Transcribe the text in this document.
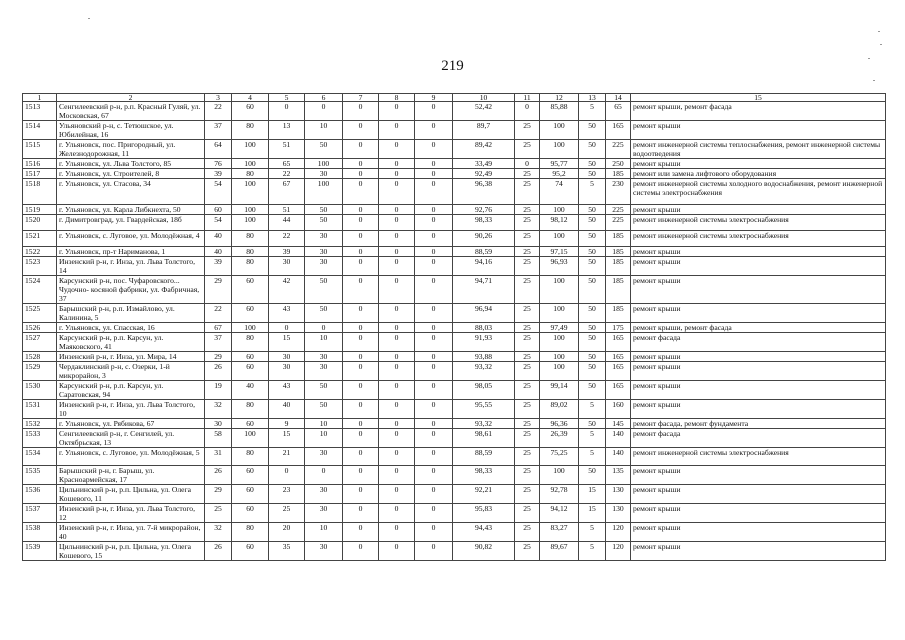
219
1	2	3	4	5	6	7	8	9	10	11	12	13	14	15
1513	Сенгилеевский р-н, р.п. Красный Гуляй, ул. Московская, 67	22	60	0	0	0	0	0	52,42	0	85,88	5	65	ремонт крыши, ремонт фасада
1514	Ульяновский р-н, с. Тетюшское, ул. Юбилейная, 16	37	80	13	10	0	0	0	89,7	25	100	50	165	ремонт крыши
1515	г. Ульяновск, пос. Пригородный, ул. Железнодорожная, 11	64	100	51	50	0	0	0	89,42	25	100	50	225	ремонт инженерной системы теплоснабжения, ремонт инженерной системы водоотведения
1516	г. Ульяновск, ул. Льва Толстого, 85	76	100	65	100	0	0	0	33,49	0	95,77	50	250	ремонт крыши
1517	г. Ульяновск, ул. Строителей, 8	39	80	22	30	0	0	0	92,49	25	95,2	50	185	ремонт или замена лифтового оборудования
1518	г. Ульяновск, ул. Стасова, 34	54	100	67	100	0	0	0	96,38	25	74	5	230	ремонт инженерной системы холодного водоснабжения, ремонт инженерной системы электроснабжения
1519	г. Ульяновск, ул. Карла Либкнехта, 50	60	100	51	50	0	0	0	92,76	25	100	50	225	ремонт крыши
1520	г. Димитровград, ул. Гвардейская, 18б	54	100	44	50	0	0	0	98,33	25	98,12	50	225	ремонт инженерной системы электроснабжения
1521	г. Ульяновск, с. Луговое, ул. Молодёжная, 4	40	80	22	30	0	0	0	90,26	25	100	50	185	ремонт инженерной системы электроснабжения
1522	г. Ульяновск, пр-т Нариманова, 1	40	80	39	30	0	0	0	88,59	25	97,15	50	185	ремонт крыши
1523	Инзенский р-н, г. Инза, ул. Льва Толстого, 14	39	80	30	30	0	0	0	94,16	25	96,93	50	185	ремонт крыши
1524	Карсунский р-н, пос. Чуфаровского... Чудочно- косяной фабрики, ул. Фабричная, 37	29	60	42	50	0	0	0	94,71	25	100	50	185	ремонт крыши
1525	Барышский р-н, р.п. Измайлово, ул. Калинина, 5	22	60	43	50	0	0	0	96,94	25	100	50	185	ремонт крыши
1526	г. Ульяновск, ул. Спасская, 16	67	100	0	0	0	0	0	88,03	25	97,49	50	175	ремонт крыши, ремонт фасада
1527	Карсунский р-н, р.п. Карсун, ул. Маяковского, 41	37	80	15	10	0	0	0	91,93	25	100	50	165	ремонт фасада
1528	Инзенский р-н, г. Инза, ул. Мира, 14	29	60	30	30	0	0	0	93,88	25	100	50	165	ремонт крыши
1529	Чердаклинский р-н, с. Озерки, 1-й микрорайон, 3	26	60	30	30	0	0	0	93,32	25	100	50	165	ремонт крыши
1530	Карсунский р-н, р.п. Карсун, ул. Саратовская, 94	19	40	43	50	0	0	0	98,05	25	99,14	50	165	ремонт крыши
1531	Инзенский р-н, г. Инза, ул. Льва Толстого, 10	32	80	40	50	0	0	0	95,55	25	89,02	5	160	ремонт крыши
1532	г. Ульяновск, ул. Рябикова, 67	30	60	9	10	0	0	0	93,32	25	96,36	50	145	ремонт фасада, ремонт фундамента
1533	Сенгилеевский р-н, г. Сенгилей, ул. Октябрьская, 13	58	100	15	10	0	0	0	98,61	25	26,39	5	140	ремонт фасада
1534	г. Ульяновск, с. Луговое, ул. Молодёжная, 5	31	80	21	30	0	0	0	88,59	25	75,25	5	140	ремонт инженерной системы электроснабжения
1535	Барышский р-н, г. Барыш, ул. Красноармейская, 17	26	60	0	0	0	0	0	98,33	25	100	50	135	ремонт крыши
1536	Цильнинский р-н, р.п. Цильна, ул. Олега Кошевого, 11	29	60	23	30	0	0	0	92,21	25	92,78	15	130	ремонт крыши
1537	Инзенский р-н, г. Инза, ул. Льва Толстого, 12	25	60	25	30	0	0	0	95,83	25	94,12	15	130	ремонт крыши
1538	Инзенский р-н, г. Инза, ул. 7-й микрорайон, 40	32	80	20	10	0	0	0	94,43	25	83,27	5	120	ремонт крыши
1539	Цильнинский р-н, р.п. Цильна, ул. Олега Кошевого, 15	26	60	35	30	0	0	0	90,82	25	89,67	5	120	ремонт крыши
